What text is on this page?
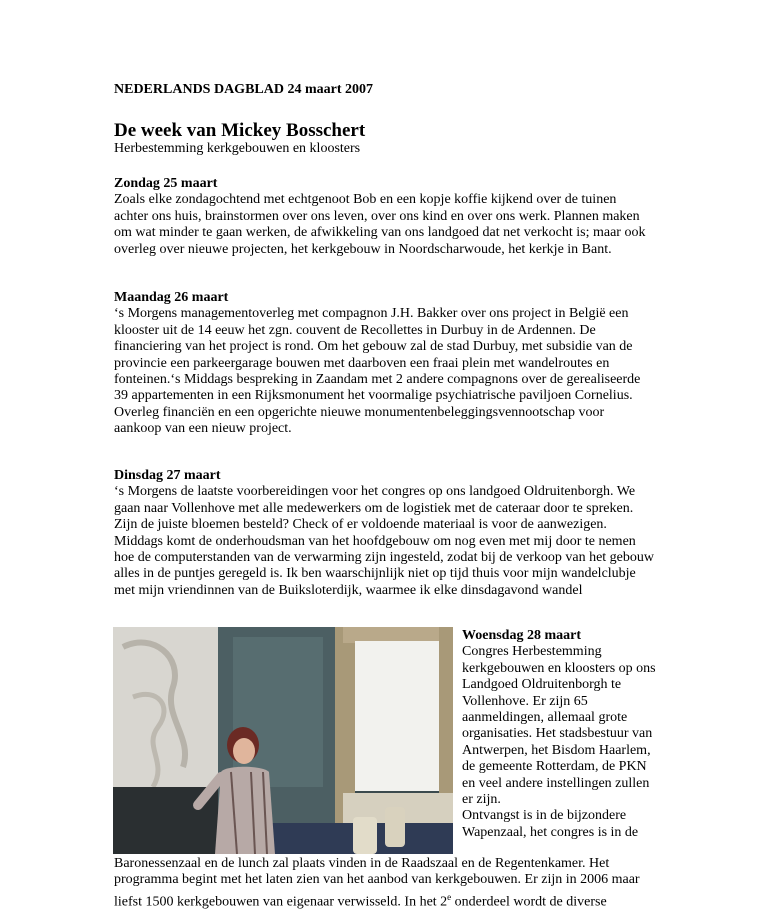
NEDERLANDS DAGBLAD 24 maart 2007
De week van Mickey Bosschert
Herbestemming kerkgebouwen en kloosters
Zondag 25 maart
Zoals elke zondagochtend met echtgenoot Bob en een kopje koffie kijkend over de tuinen achter ons huis, brainstormen over ons leven, over ons kind en over ons werk. Plannen maken om wat minder te gaan werken, de afwikkeling van ons landgoed dat net verkocht is; maar ook overleg over nieuwe projecten, het kerkgebouw in Noordscharwoude, het kerkje in Bant.
Maandag 26 maart
‘s Morgens managementoverleg met compagnon J.H. Bakker over ons project in België een klooster uit de 14 eeuw het zgn. couvent de Recollettes in Durbuy in de Ardennen. De financiering van het project is rond. Om het gebouw zal de stad Durbuy, met subsidie van de provincie een parkeergarage bouwen met daarboven een fraai plein met wandelroutes en fonteinen.‘s Middags bespreking in Zaandam met 2 andere compagnons over de gerealiseerde 39 appartementen in een Rijksmonument het voormalige psychiatrische paviljoen Cornelius. Overleg financiën en een opgerichte nieuwe monumentenbeleggingsvennootschap voor aankoop van een nieuw project.
Dinsdag 27 maart
‘s Morgens de laatste voorbereidingen voor het congres op ons landgoed Oldruitenborgh. We gaan naar Vollenhove met alle medewerkers om de logistiek met de cateraar door te spreken. Zijn de juiste bloemen besteld? Check of er voldoende materiaal is voor de aanwezigen. Middags komt de onderhoudsman van het hoofdgebouw om nog even met mij door te nemen hoe de computerstanden van de verwarming zijn ingesteld, zodat bij de verkoop van het gebouw alles in de puntjes geregeld is. Ik ben waarschijnlijk niet op tijd thuis voor mijn wandelclubje met mijn vriendinnen van de Buiksloterdijk, waarmee ik elke dinsdagavond wandel
Woensdag 28 maart
Congres Herbestemming kerkgebouwen en kloosters op ons Landgoed Oldruitenborgh te Vollenhove. Er zijn 65 aanmeldingen, allemaal grote organisaties. Het stadsbestuur van Antwerpen, het Bisdom Haarlem, de gemeente Rotterdam, de PKN en veel andere instellingen zullen er zijn.
Ontvangst is in de bijzondere Wapenzaal, het congres is in de
Baronessenzaal en de lunch zal plaats vinden in de Raadszaal en de Regentenkamer. Het programma begint met het laten zien van het aanbod van kerkgebouwen. Er zijn in 2006 maar liefst 1500 kerkgebouwen van eigenaar verwisseld. In het 2e onderdeel wordt de diverse
